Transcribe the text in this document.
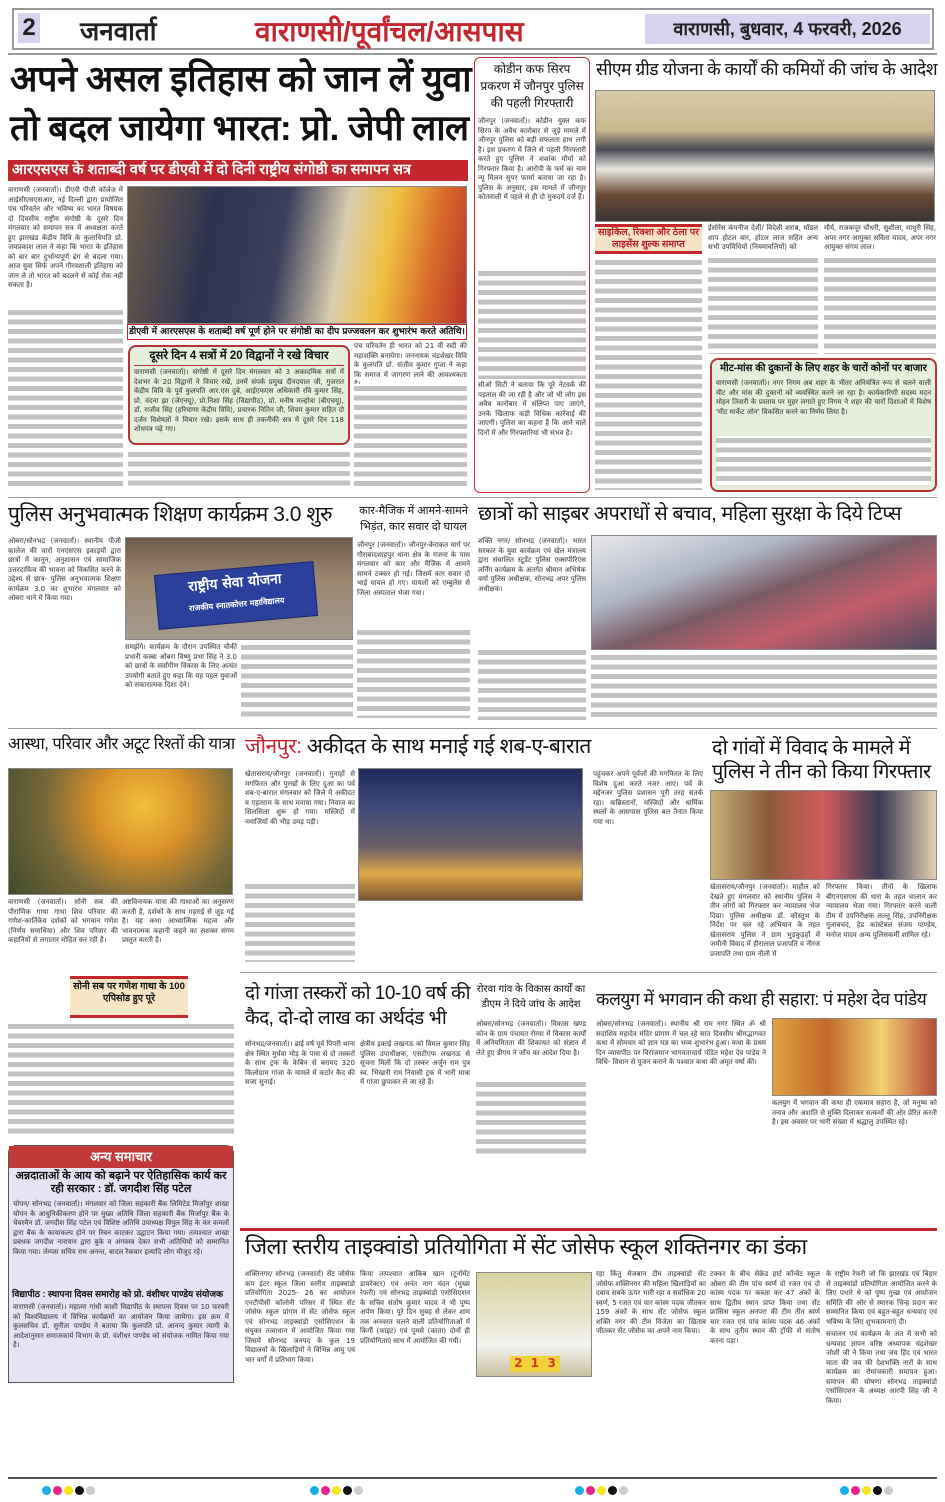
2 जनवार्ता	वाराणसी/पूर्वांचल/आसपास	वाराणसी, बुधवार, 4 फरवरी, 2026
अपने असल इतिहास को जान लें युवा
तो बदल जायेगा भारत: प्रो. जेपी लाल
आरएसएस के शताब्दी वर्ष पर डीएवी में दो दिनी राष्ट्रीय संगोष्ठी का समापन सत्र
वाराणसी (जनवार्ता)। डीएवी पीजी कॉलेज में आईसीएसएसआर, नई दिल्ली द्वारा प्रायोजित पंच परिवर्तन और भविष्य का भारत विषयक दो दिवसीय राष्ट्रीय संगोष्ठी के दूसरे दिन मंगलवार को समापन सत्र में अध्यक्षता करते हुए झारखंड केंद्रीय विवि के कुलाधिपति प्रो. जयप्रकाश लाल ने कहा कि भारत के इतिहास को बार बार दुर्भाग्यपूर्ण ढंग से बदला गया। आज युवा सिर्फ अपने गौरवशाली इतिहास को जान ले तो भारत को बदलने से कोई रोक नहीं सकता है।
डीएवी में आरएसएस के शताब्दी वर्ष पूर्ण होने पर संगोष्ठी का दीप प्रज्जवलन कर शुभारंभ करते अतिथि।
दूसरे दिन 4 सत्रों में 20 विद्वानों ने रखे विचार
वाराणसी (जनवार्ता)। संगोष्ठी में दूसरे दिन मंगलवार को 3 अकादमिक सत्रों में देशभर के 20 विद्वानों ने विचार रखें, उनमें संपर्क प्रमुख दीनदयाल जी, गुजरात केंद्रीय विवि के पूर्व कुलपति आर.एस दुबे, आईएफएस अधिकारी रवि कुमार सिंह, प्रो. वंदना झा (जेएनयू), प्रो.निशा सिंह (विद्यापीठ), प्रो. मनीष मल्होत्रा (बीएचयू), डॉ. राजीव सिंह (हरियाणा केंद्रीय विवि), प्रचारक नितिन जी, शिवम कुमार सहित दो दर्जन विशेषज्ञों ने विचार रखे। इसके साथ ही तकनीकी सत्र में दूसरे दिन 118 शोधपत्र पढ़े गए।
पंच परिवर्तन ही भारत को 21 वीं सदी की महाशक्ति बनायेगा। जननायक चंद्रशेखर विवि के कुलपति प्रो. संजीव कुमार गुप्ता ने कहा कि समाज में जागरण लाने की आवश्यकता
कोडीन कफ सिरप प्रकरण में जौनपुर पुलिस की पहली गिरफ्तारी
जौनपुर (जनवार्ता)। कोडीन युक्त कफ सिरप के अवैध कारोबार से जुड़े मामले में जौनपुर पुलिस को बड़ी सफलता हाथ लगी है। इस प्रकरण में जिले से पहली गिरफ्तारी करते हुए पुलिस ने शशांक मौर्या को गिरफ्तार किया है। आरोपी के फर्म का नाम न्यू मिलन सुपर फार्मा बताया जा रहा है। पुलिस के अनुसार, इस मामले में जौनपुर कोतवाली में पहले से ही दो मुकदमे दर्ज हैं।
सीओ सिटी ने बताया कि पूरे नेटवर्क की पड़ताल की जा रही है और जो भी लोग इस अवैध कारोबार में संलिप्त पाए जाएंगे, उनके खिलाफ कड़ी विधिक कार्रवाई की जाएगी। पुलिस का कहना है कि आने वाले दिनों में और गिरफ्तारियां भी संभव है।
सीएम ग्रीड योजना के कार्यों की कमियों की जांच के आदेश
साइकिल, रिक्शा और ठेला पर लाइसेंस शुल्क समाप्त
ईंसोरेंस कंपनीज देशी/ विदेशी शराब, मॉडल शाप होटल बार, होटल लाज सहित अन्य सभी उपविधियों (नियमावलियों) को
मौर्य, राजकपूर चौधरी, सुशीला, माधुरी सिंह, अपर नगर आयुक्त सविता यादव, अपर नगर आयुक्त संगम लाल।
मीट-मांस की दुकानों के लिए शहर के चारों कोनों पर बाजार
वाराणसी (जनवार्ता)। नगर निगम अब शहर के भीतर अनियंत्रित रूप से चलने वाली मीट और मांस की दुकानों को व्यवस्थित करने जा रहा है। कार्यकारिणी सदस्य मदन मोहन तिवारी के प्रस्ताव पर मुहर लगाते हुए निगम ने शहर की चारों दिशाओं में विशेष 'मीट मार्केट जोन' विकसित करने का निर्णय लिया है।
पुलिस अनुभवात्मक शिक्षण कार्यक्रम 3.0 शुरु
ओबरा/सोनभद्र (जनवार्ता)। स्थानीय पीजी कालेज की चारों एनएसएस इकाइयों द्वारा छात्रों में कानून, अनुशासन एवं सामाजिक उत्तरदायित्व की भावना को विकसित करने के उद्देश्य से छात्र- पुलिस अनुभवात्मक शिक्षण कार्यक्रम 3.0 का शुभारंभ मंगलवार को ओबरा थाने में किया गया।
राष्ट्रीय सेवा योजना
राजकीय स्नातकोत्तर महाविद्यालय
समझेंगे। कार्यक्रम के दौरान उपस्थित चौकी प्रभारी कस्बा ओबरा विष्णु प्रभा सिंह ने 3.0 को छात्रों के सर्वांगीण विकास के लिए अत्यंत उपयोगी बताते हुए कहा कि यह पहल युवाओं को सकारात्मक दिशा देने।
कार-मैजिक में आमने-सामने भिड़ंत, कार सवार दो घायल
जौनपुर (जनवार्ता)। जौनपुर-केराकत मार्ग पर गौराबादशाहपुर थाना क्षेत्र के गजना के पास मंगलवार को कार और मैजिक में आमने सामने टक्कर हो गई। जिसमें कार सवार दो भाई घायल हो गए। घायलों को एम्बुलेंस से जिला अस्पताल भेजा गया।
छात्रों को साइबर अपराधों से बचाव, महिला सुरक्षा के दिये टिप्स
शक्ति नगर/ सोनभद्र (जनवार्ता)। भारत सरकार के युवा कार्यक्रम एवं खेल मंत्रालय द्वारा संचालित स्टूडेंट पुलिस एक्सपीरिएंस लर्निंग कार्यक्रम के अंतर्गत श्रीमान अभिषेक वर्मा पुलिस अधीक्षक, सोनभद्र अपर पुलिस अधीक्षक।
आस्था, परिवार और अटूट रिश्तों की यात्रा
वाराणसी (जनवार्ता)। सोनी सब की पौराणिक गाथा गाथा शिव परिवार की गणेश-कार्तिकेय दर्शकों को भगवान गणेश (निर्णय समाधिया) और शिव परिवार की कहानियों से लगातार मोहित कर रही है।
अष्टविनायक यात्रा की गाथाओं का अनुसरण करती है, दर्शकों के साथ गहराई से जुड़ गई है। यह कथा आध्यात्मिक महत्व और भावनात्मक कहानी कहने का सशक्त संगम प्रस्तुत करती है।
सोनी सब पर गणेश गाथा के 100 एपिसोड हुए पूरे
जौनपुर: अकीदत के साथ मनाई गई शब-ए-बारात
खेतासराय/जौनपुर (जनवार्ता)। गुनाहों से मगफिरत और पुरखों के लिए दुआ का पर्व शब-ए-बारात मंगलवार को जिले में अकीदत व एहतराम के साथ मनाया गया। निवाज का सिलसिला शुरू हो गया। मस्जिदों में नमाजियों की भीड़ उमड़ पड़ी।
पहुंचकर अपने पूर्वजों की मगफिरत के लिए विशेष दुआ करते नजर आए। पर्व के मद्देनजर पुलिस प्रशासन पूरी तरह सतर्क रहा। कब्रिस्तानों, मस्जिदों और धार्मिक स्थलों के आसपास पुलिस बल तैनात किया गया था।
दो गांवों में विवाद के मामले में पुलिस ने तीन को किया गिरफ्तार
खेतासराय/जौनपुर (जनवार्ता)। माहौल को देखते हुए मंगलवार को स्थानीय पुलिस ने तीन लोगों को गिरफ्तार कर न्यायालय भेज दिया। पुलिस अधीक्षक डॉ. कौस्तुभ के निर्देश पर चल रहे अभियान के तहत खेतासराय पुलिस ने ग्राम भुड़कुड़हाँ में जमीनी विवाद में हीरालाल प्रजापति व नीरज प्रजापति तथा ग्राम नौली में
गिरफ्तार किया। तीनों के खिलाफ बीएनएसएस की धारा के तहत चालान कर न्यायालय भेजा गया। गिरफ्तार करने वाली टीम में उपनिरीक्षक लल्लू सिंह, उपनिरीक्षक गुलाबचंद, हेड कांस्टेबल संजय पाण्डेय, मनोज यादव अन्य पुलिसकर्मी शामिल रहे।
दो गांजा तस्करों को 10-10 वर्ष की कैद, दो-दो लाख का अर्थदंड भी
सोनभद्र/जनवार्ता)। ढाई वर्ष पूर्व पिपरी थाना क्षेत्र स्थित मुर्धवा मोड़ के पास से दो तस्करों के साथ ट्रक के केबिन से बरामद 320 किलोग्राम गांजा के मामले में कठोर कैद की सजा सुनाई।
क्षेत्रीय इकाई लखनऊ को विमल कुमार सिंह पुलिस उपाधीक्षक, एसटीएफ लखनऊ से सूचना मिली कि दो तस्कर अर्जुन राम पुत्र स्व. भिखारी राम निवासी ट्रक में भारी मात्रा में गांजा छुपाकर ले जा रहे हैं।
रोरवा गांव के विकास कार्यों का डीएम ने दिये जांच के आदेश
ओबरा/सोनभद्र (जनवार्ता)। विकास खण्ड कोन के ग्राम पंचायत रोरवा में विकास कार्यों में अनियमितता की शिकायत को संज्ञान में लेते हुए डीएम ने जाँच का आदेश दिया है।
कलयुग में भगवान की कथा ही सहारा: पं महेश देव पांडेय
ओबरा/सोनभद्र (जनवार्ता)। स्थानीय श्री राम नगर स्थित ॐ श्री सदाशिव महादेव मंदिर प्रांगण में चल रहे सात दिवसीय श्रीमद्भागवत कथा में सोमवार को ज्ञान यज्ञ का भव्य शुभारंभ हुआ। कथा के प्रथम दिन व्यासपीठ पर विराजमान भागवताचार्य पंडित महेश देव पांडेय ने विधि- विधान से पूजन कराने के पश्चात कथा की अमृत वर्षा की।
कलयुग में भगवान की कथा ही एकमात्र सहारा है, जो मनुष्य को तनाव और अशांति से मुक्ति दिलाकर सत्कर्मों की ओर प्रेरित करती है। इस अवसर पर भारी संख्या में श्रद्धालु उपस्थित रहे।
अन्य समाचार
अन्नदाताओं के आय को बढ़ाने पर ऐतिहासिक कार्य कर रही सरकार : डॉ. जगदीश सिंह पटेल
चोपन/ सोनभद्र (जनवार्ता)। मंगलवार को जिला सहकारी बैंक लिमिटेड मिर्जापुर शाखा चोपन के आधुनिकीकरण होने पर मुख्य अतिथि जिला सहकारी बैंक मिर्जापुर बैंक के चेयरमैन डॉ. जगदीश सिंह पटेल एवं विशिष्ट अतिथि उपाध्यक्ष विपुल सिंह के कर कमलों द्वारा बैंक के कायाकल्प होने पर रिबन काटकर उद्घाटन किया गया। तत्पश्चात शाखा प्रबंधक जगदीश नारायण द्वारा बुके व अंगवस्त्र देकर सभी अतिथियों को सम्मानित किया गया। लेम्पस सचिव राम अनन्त, बादल रैकवार इत्यादि लोग मौजूद रहे।
विद्यापीठ : स्थापना दिवस समारोह को प्रो. वंशीधर पाण्डेय संयोजक
वाराणसी (जनवार्ता)। महात्मा गांधी काशी विद्यापीठ के स्थापना दिवस पर 10 फरवरी को विश्वविद्यालय में विभिन्न कार्यक्रमों का आयोजन किया जायेगा। इस क्रम में कुलसचिव डॉ. सुनीता पाण्डेय ने बताया कि कुलपति प्रो. आनन्द कुमार त्यागी के आदेशानुसार समाजकार्य विभाग के प्रो. वंशीधर पाण्डेय को संयोजक नामित किया गया है।
जिला स्तरीय ताइक्वांडो प्रतियोगिता में सेंट जोसेफ स्कूल शक्तिनगर का डंका
शक्तिनगर/ सोनभद्र (जनवार्ता) सेंट जोसेफ कप इंटर स्कूल जिला स्तरीय ताइक्वांडो प्रतियोगिता 2025- 26 का आयोजन एनटीपीसी कॉलोनी परिसर में स्थित सेंट जोसेफ स्कूल प्रांगण में सेंट जोसेफ स्कूल एवं सोनभद्र ताइक्वांडो एसोसिएशन के संयुक्त तत्वाधान में आयोजित किया गया जिसमें सोनभद्र जनपद के कुल 19 विद्यालयों के खिलाड़ियों ने विभिन्न आयु एवं भार वर्गों में प्रतिभाग किया।
किया तत्पश्चात आकिब खान (टूर्नामेंट डायरेक्टर) एवं अनंत नाग चंदन (मुख्य रेफरी) एवं सोनभद्र ताइक्वांडो एसोसिएशन के सचिव संतोष कुमार यादव ने भी पुष्प अर्पण किया। पूरे दिन सुबह से लेकर शाम तक अनवरत चलने वाली प्रतियोगिताओं में किर्गी (फाइट) एवं पूमसे (काता) दोनों ही प्रतियोगिताएं साथ में आयोजित की गयी।
2 1 3
रहा किंतु मेजबान टीम ताइक्वांडो सेंट जोसेफ शक्तिनगर की महिला खिलाड़ियों का दबाव सबके ऊपर भारी रहा व सर्वाधिक 20 स्वर्ण, 5 रजत एवं चार कांस्य पदक जीतकर 159 अंकों के साथ सेंट जोसेफ स्कूल शक्ति नगर की टीम विजेता का खिताब जीतकर सेंट जोसेफ का अपने नाम किया।
टक्कर के बीच सेक्रेड हार्ट कॉन्वेंट स्कूल ओबरा की टीम पांच स्वर्ण दो रजत एवं दो कांस्य पदक पर कब्जा कर 47 अंकों के साथ द्वितीय स्थान प्राप्त किया तथा सेंट फ्रांसिस स्कूल अनपरा की टीम तीन स्वर्ण चार रजत एवं पांच कांस्य पदक 46 अंकों के साथ तृतीय स्थान की ट्रॉफी से संतोष करना पड़ा।
के राष्ट्रीय रेफरी जो कि झारखंड एवं बिहार से ताइक्वांडो प्रतियोगिता आयोजित करने के लिए पधारे थे को पुष्प गुच्छ एवं आयोजन समिति की ओर से स्मारक चिन्ह प्रदान कर सम्मानित किया एवं बहुत-बहुत धन्यवाद एवं भविष्य के लिए शुभकामनाएं दी।
संचालन एवं कार्यक्रम के अंत में सभी को धन्यवाद ज्ञापन वरिष्ठ अध्यापक चंद्रशेखर जोशी जी ने किया तथा जय हिंद एवं भारत माता की जय की देशभक्ति नारों के साथ कार्यक्रम का रोमांचकारी समापन हुआ। समापन की घोषणा सोनभद्र ताइक्वांडो एसोसिएशन के अध्यक्ष आरपी सिंह जी ने किया।
